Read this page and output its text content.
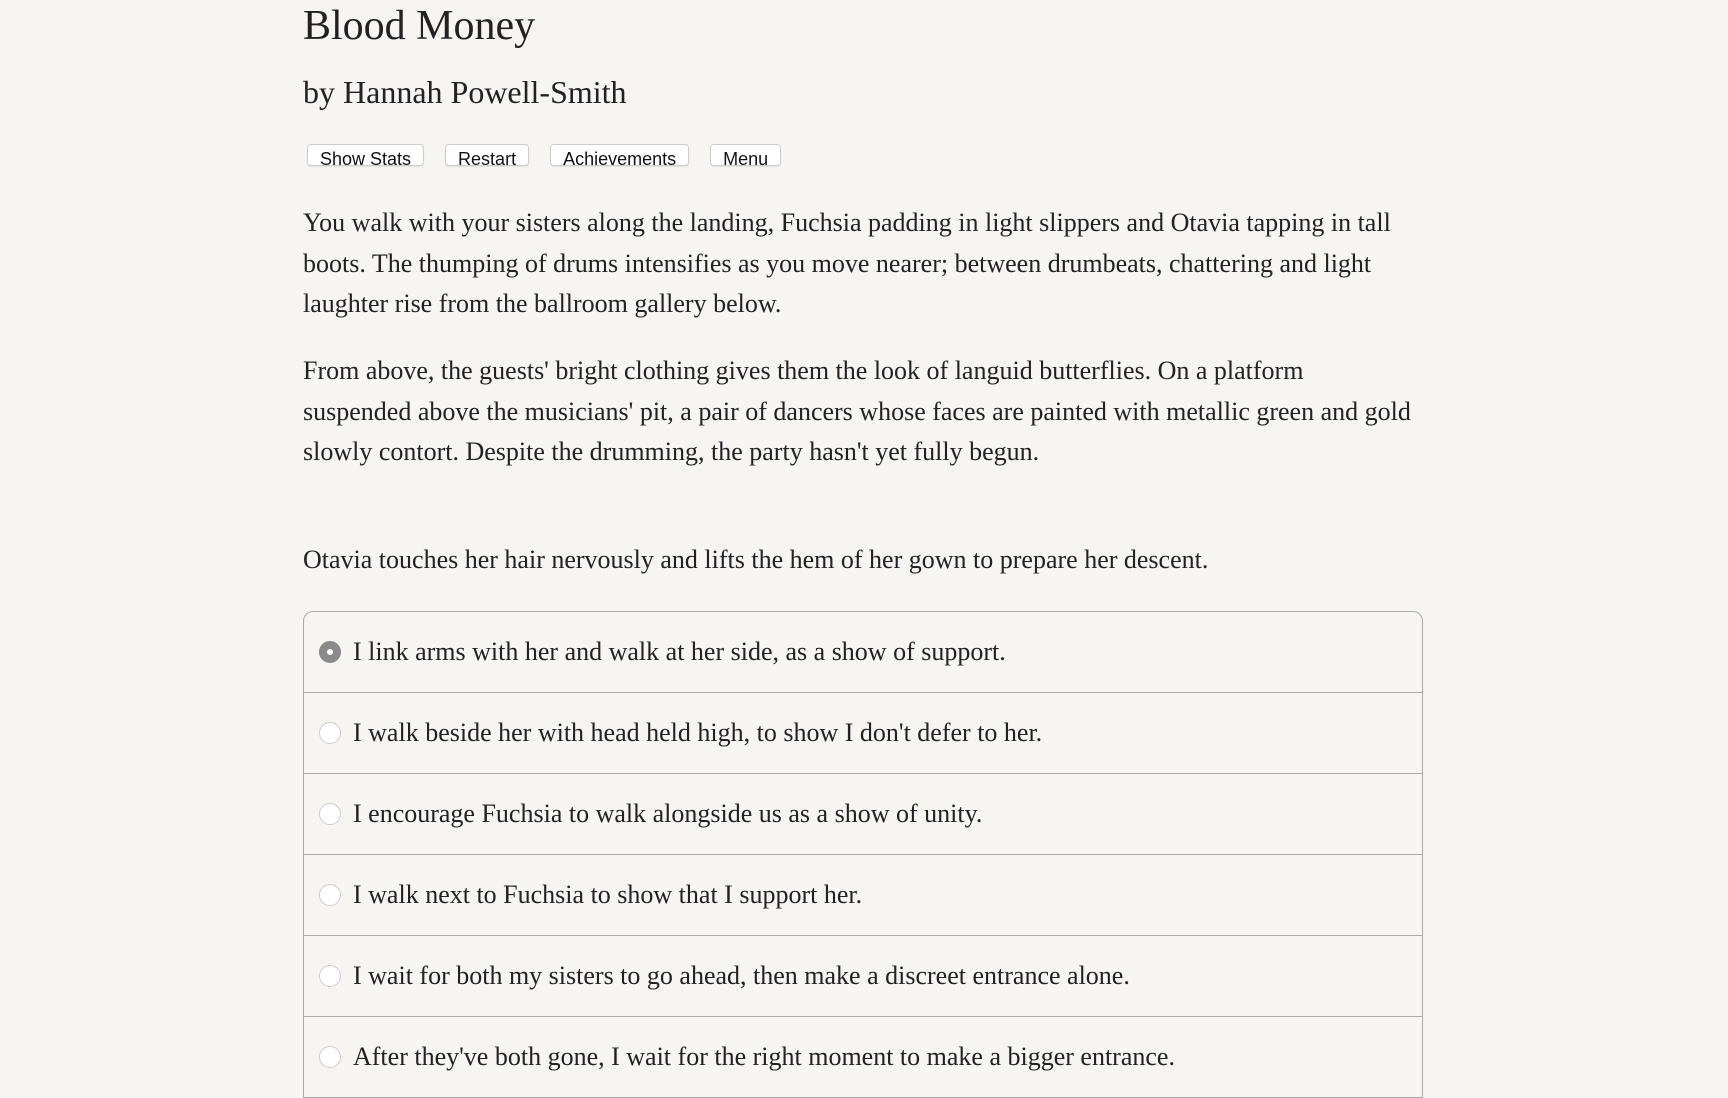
Blood Money
by Hannah Powell-Smith
Show Stats	Restart	Achievements	Menu

You walk with your sisters along the landing, Fuchsia padding in light slippers and Otavia tapping in tall boots. The thumping of drums intensifies as you move nearer; between drumbeats, chattering and light laughter rise from the ballroom gallery below.

From above, the guests' bright clothing gives them the look of languid butterflies. On a platform suspended above the musicians' pit, a pair of dancers whose faces are painted with metallic green and gold slowly contort. Despite the drumming, the party hasn't yet fully begun.

Otavia touches her hair nervously and lifts the hem of her gown to prepare her descent.

I link arms with her and walk at her side, as a show of support.
I walk beside her with head held high, to show I don't defer to her.
I encourage Fuchsia to walk alongside us as a show of unity.
I walk next to Fuchsia to show that I support her.
I wait for both my sisters to go ahead, then make a discreet entrance alone.
After they've both gone, I wait for the right moment to make a bigger entrance.
